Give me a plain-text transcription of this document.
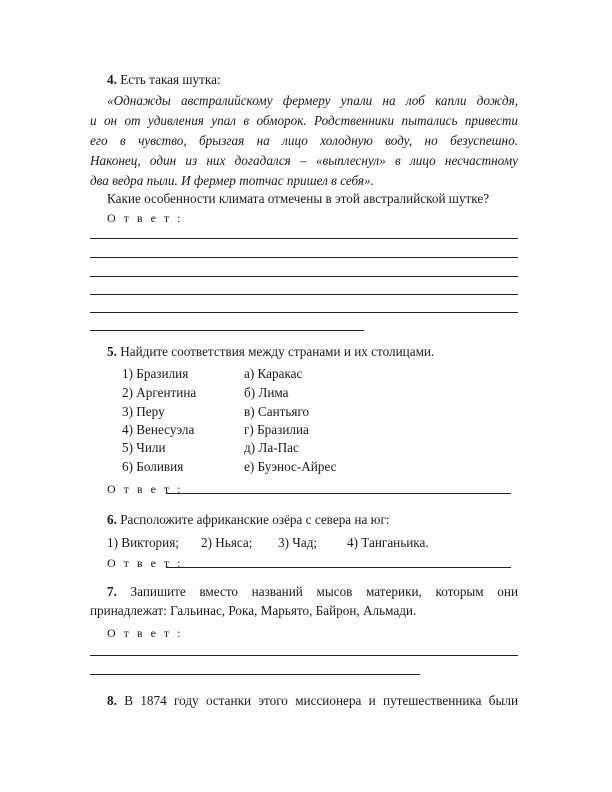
4. Есть такая шутка:
«Однажды австралийскому фермеру упали на лоб капли дождя,
и он от удивления упал в обморок. Родственники пытались привести
его в чувство, брызгая на лицо холодную воду, но безуспешно.
Наконец, один из них догадался – «выплеснул» в лицо несчастному
два ведра пыли. И фермер тотчас пришел в себя».
Какие особенности климата отмечены в этой австралийской шутке?
О т в е т :
5. Найдите соответствия между странами и их столицами.
1) Бразилия
2) Аргентина
3) Перу
4) Венесуэла
5) Чили
6) Боливия
а) Каракас
б) Лима
в) Сантьяго
г) Бразилиа
д) Ла-Пас
е) Буэнос-Айрес
О т в е т :
6. Расположите африканские озёра с севера на юг:
1) Виктория; 2) Ньяса; 3) Чад; 4) Танганьика.
О т в е т :
7. Запишите вместо названий мысов материки, которым они
принадлежат: Гальинас, Рока, Марьято, Байрон, Альмади.
О т в е т :
8. В 1874 году останки этого миссионера и путешественника были
